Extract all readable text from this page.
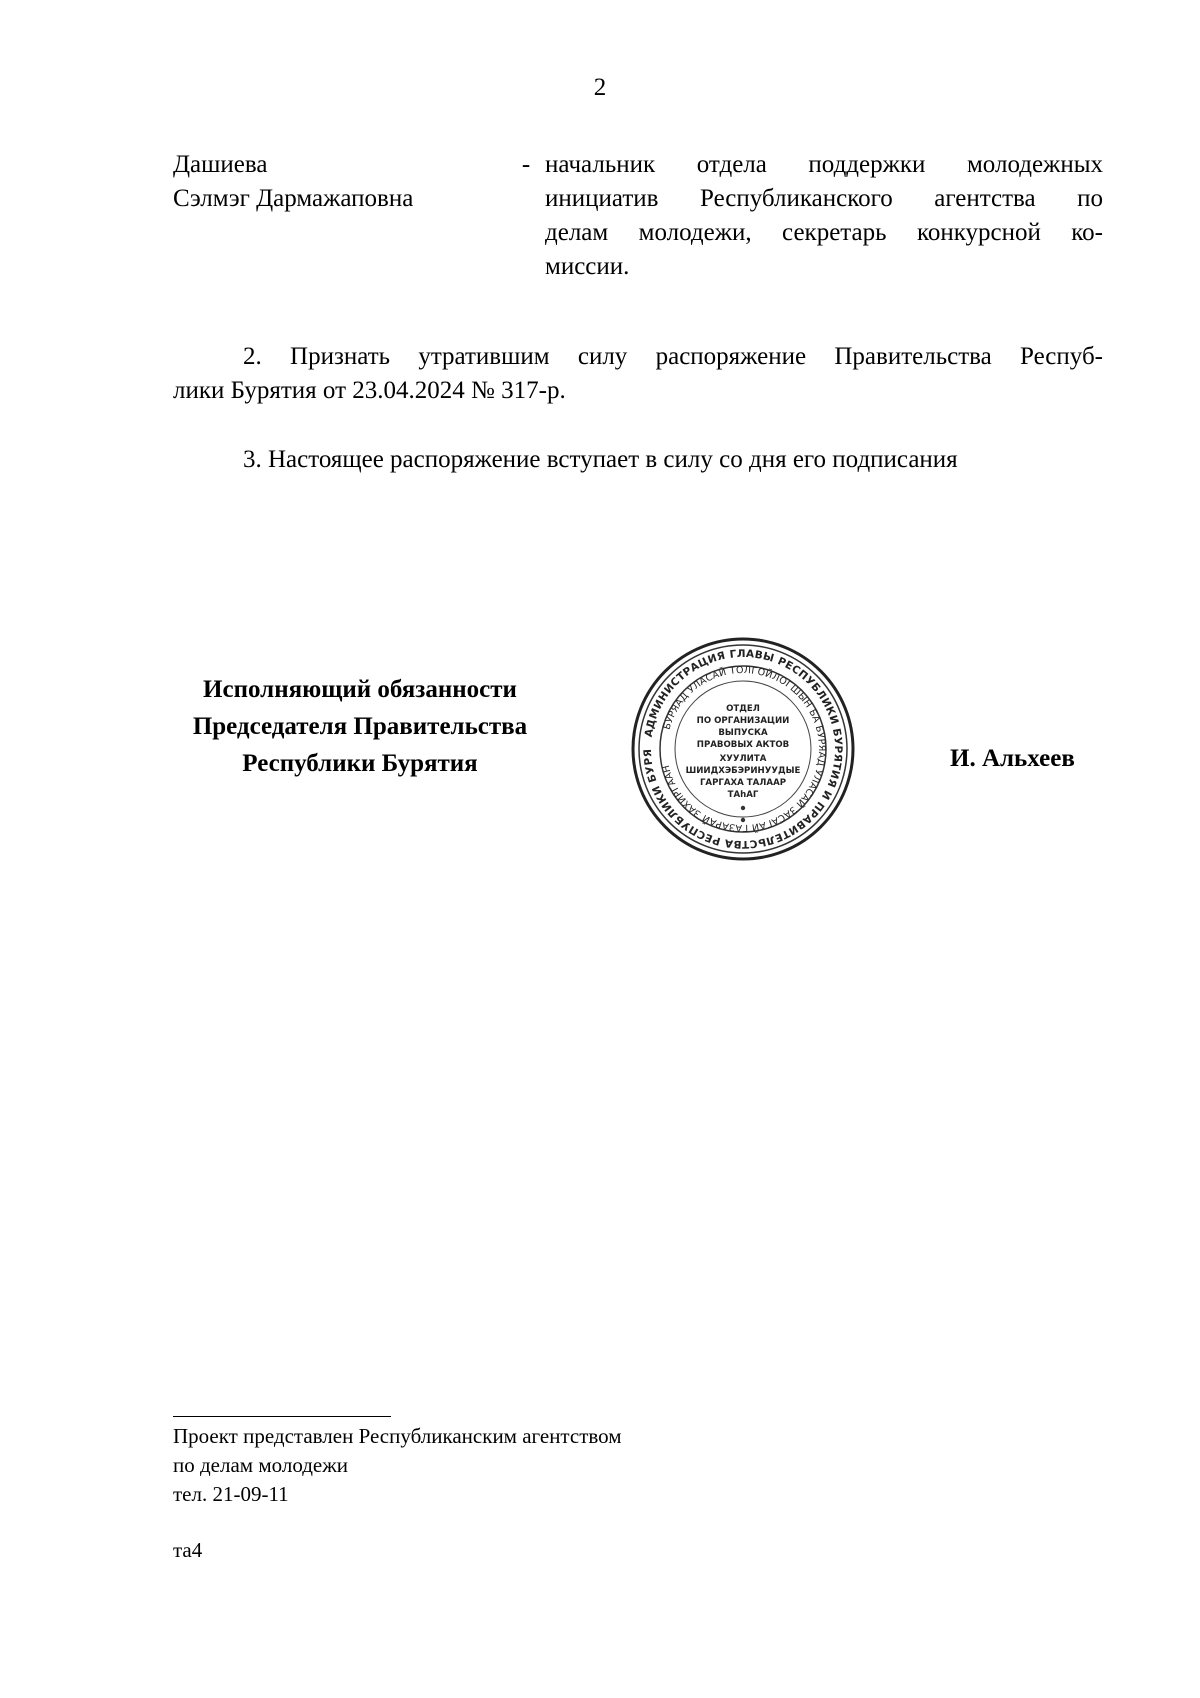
2
Дашиева
Сэлмэг Дармажаповна
- начальник отдела поддержки молодежных
инициатив Республиканского агентства по
делам молодежи, секретарь конкурсной ко-
миссии.
2. Признать утратившим силу распоряжение Правительства Респуб-
лики Бурятия от 23.04.2024 № 317-р.
3. Настоящее распоряжение вступает в силу со дня его подписания
Исполняющий обязанности
Председателя Правительства
Республики Бурятия
АДМИНИСТРАЦИЯ ГЛАВЫ РЕСПУБЛИКИ БУРЯТИЯ И ПРАВИТЕЛЬСТВА РЕСПУБЛИКИ БУРЯ
БУРЯАД УЛАСАЙ ТОЛГОЙЛОГШЫН БА БУРЯАД УЛАСАЙ ЗАСАГАЙ ГАЗАРАЙ ЗАХИРГААН
ОТДЕЛ
ПО ОРГАНИЗАЦИИ
ВЫПУСКА
ПРАВОВЫХ АКТОВ
ХУУЛИТА
ШИИДХЭБЭРИНУУДЫЕ
ГАРГАХА ТАЛААР
ТАһАГ
И. Альхеев
Проект представлен Республиканским агентством
по делам молодежи
тел. 21-09-11
та4
